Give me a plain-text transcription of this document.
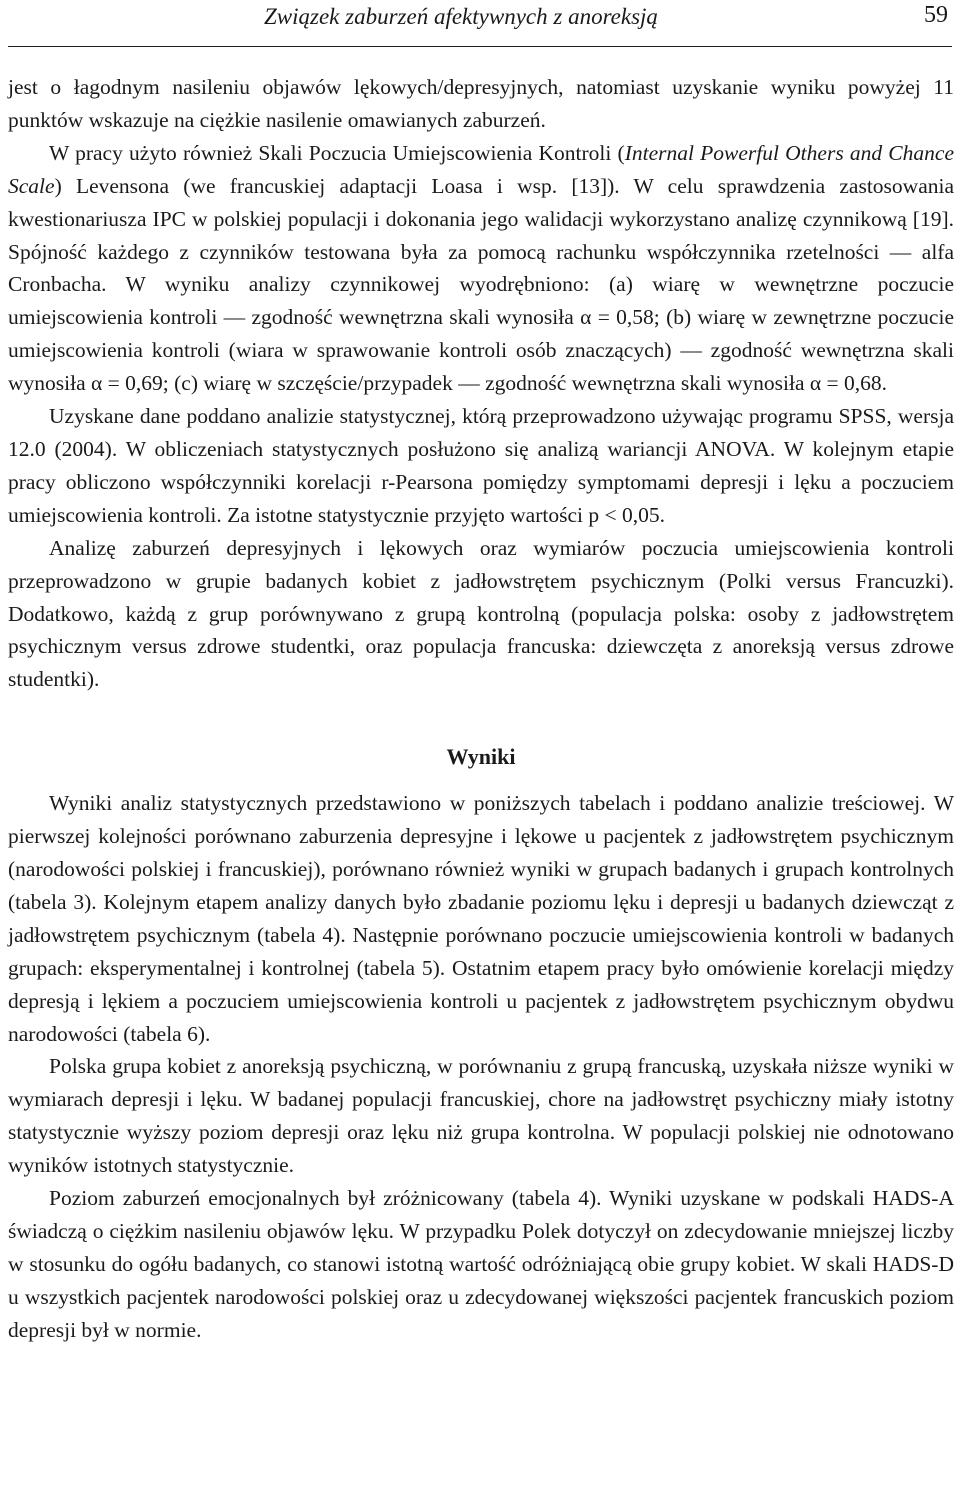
Związek zaburzeń afektywnych z anoreksją	59

jest o łagodnym nasileniu objawów lękowych/depresyjnych, natomiast uzyskanie wyniku powyżej 11 punktów wskazuje na ciężkie nasilenie omawianych zaburzeń.

W pracy użyto również Skali Poczucia Umiejscowienia Kontroli (Internal Powerful Others and Chance Scale) Levensona (we francuskiej adaptacji Loasa i wsp. [13]). W celu sprawdzenia zastosowania kwestionariusza IPC w polskiej populacji i dokonania jego walidacji wykorzystano analizę czynnikową [19]. Spójność każdego z czynników testowana była za pomocą rachunku współczynnika rzetelności — alfa Cronbacha. W wyniku analizy czynnikowej wyodrębniono: (a) wiarę w wewnętrzne poczucie umiejscowienia kontroli — zgodność wewnętrzna skali wynosiła α = 0,58; (b) wiarę w zewnętrzne poczucie umiejscowienia kontroli (wiara w sprawowanie kontroli osób znaczących) — zgodność wewnętrzna skali wynosiła α = 0,69; (c) wiarę w szczęście/przypadek — zgodność wewnętrzna skali wynosiła α = 0,68.

Uzyskane dane poddano analizie statystycznej, którą przeprowadzono używając programu SPSS, wersja 12.0 (2004). W obliczeniach statystycznych posłużono się analizą wariancji ANOVA. W kolejnym etapie pracy obliczono współczynniki korelacji r-Pearsona pomiędzy symptomami depresji i lęku a poczuciem umiejscowienia kontroli. Za istotne statystycznie przyjęto wartości p < 0,05.

Analizę zaburzeń depresyjnych i lękowych oraz wymiarów poczucia umiejscowienia kontroli przeprowadzono w grupie badanych kobiet z jadłowstrętem psychicznym (Polki versus Francuzki). Dodatkowo, każdą z grup porównywano z grupą kontrolną (populacja polska: osoby z jadłowstrętem psychicznym versus zdrowe studentki, oraz populacja francuska: dziewczęta z anoreksją versus zdrowe studentki).

Wyniki

Wyniki analiz statystycznych przedstawiono w poniższych tabelach i poddano analizie treściowej. W pierwszej kolejności porównano zaburzenia depresyjne i lękowe u pacjentek z jadłowstrętem psychicznym (narodowości polskiej i francuskiej), porównano również wyniki w grupach badanych i grupach kontrolnych (tabela 3). Kolejnym etapem analizy danych było zbadanie poziomu lęku i depresji u badanych dziewcząt z jadłowstrętem psychicznym (tabela 4). Następnie porównano poczucie umiejscowienia kontroli w badanych grupach: eksperymentalnej i kontrolnej (tabela 5). Ostatnim etapem pracy było omówienie korelacji między depresją i lękiem a poczuciem umiejscowienia kontroli u pacjentek z jadłowstrętem psychicznym obydwu narodowości (tabela 6).

Polska grupa kobiet z anoreksją psychiczną, w porównaniu z grupą francuską, uzyskała niższe wyniki w wymiarach depresji i lęku. W badanej populacji francuskiej, chore na jadłowstręt psychiczny miały istotny statystycznie wyższy poziom depresji oraz lęku niż grupa kontrolna. W populacji polskiej nie odnotowano wyników istotnych statystycznie.

Poziom zaburzeń emocjonalnych był zróżnicowany (tabela 4). Wyniki uzyskane w podskali HADS-A świadczą o ciężkim nasileniu objawów lęku. W przypadku Polek dotyczył on zdecydowanie mniejszej liczby w stosunku do ogółu badanych, co stanowi istotną wartość odróżniającą obie grupy kobiet. W skali HADS-D u wszystkich pacjentek narodowości polskiej oraz u zdecydowanej większości pacjentek francuskich poziom depresji był w normie.
